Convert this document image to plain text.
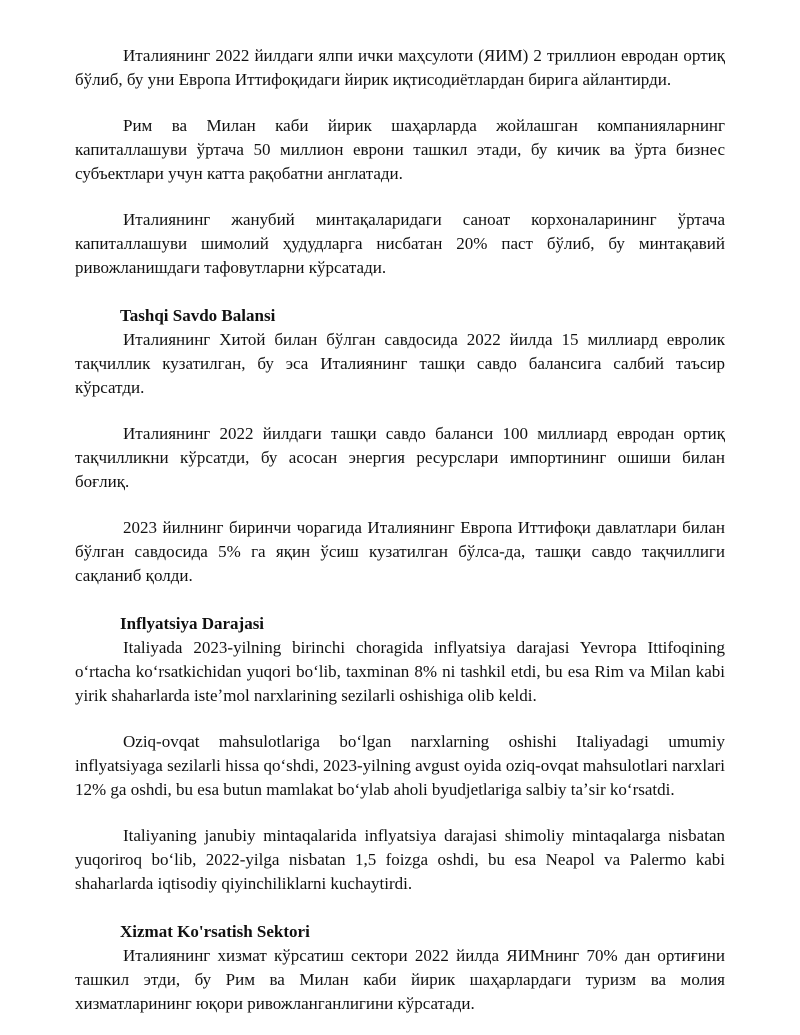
Италиянинг 2022 йилдаги ялпи ички маҳсулоти (ЯИМ) 2 триллион евродан ортиқ бўлиб, бу уни Европа Иттифоқидаги йирик иқтисодиётлардан бирига айлантирди.

Рим ва Милан каби йирик шаҳарларда жойлашган компанияларнинг капиталлашуви ўртача 50 миллион еврони ташкил этади, бу кичик ва ўрта бизнес субъектлари учун катта рақобатни англатади.

Италиянинг жанубий минтақаларидаги саноат корхоналарининг ўртача капиталлашуви шимолий ҳудудларга нисбатан 20% паст бўлиб, бу минтақавий ривожланишдаги тафовутларни кўрсатади.

Tashqi Savdo Balansi

Италиянинг Хитой билан бўлган савдосида 2022 йилда 15 миллиард евролик тақчиллик кузатилган, бу эса Италиянинг ташқи савдо балансига салбий таъсир кўрсатди.

Италиянинг 2022 йилдаги ташқи савдо баланси 100 миллиард евродан ортиқ тақчилликни кўрсатди, бу асосан энергия ресурслари импортининг ошиши билан боғлиқ.

2023 йилнинг биринчи чорагида Италиянинг Европа Иттифоқи давлатлари билан бўлган савдосида 5% га яқин ўсиш кузатилган бўлса-да, ташқи савдо тақчиллиги сақланиб қолди.

Inflyatsiya Darajasi

Italiyada 2023-yilning birinchi choragida inflyatsiya darajasi Yevropa Ittifoqining oʻrtacha koʻrsatkichidan yuqori boʻlib, taxminan 8% ni tashkil etdi, bu esa Rim va Milan kabi yirik shaharlarda isteʼmol narxlarining sezilarli oshishiga olib keldi.

Oziq-ovqat mahsulotlariga boʻlgan narxlarning oshishi Italiyadagi umumiy inflyatsiyaga sezilarli hissa qoʻshdi, 2023-yilning avgust oyida oziq-ovqat mahsulotlari narxlari 12% ga oshdi, bu esa butun mamlakat boʻylab aholi byudjetlariga salbiy taʼsir koʻrsatdi.

Italiyaning janubiy mintaqalarida inflyatsiya darajasi shimoliy mintaqalarga nisbatan yuqoriroq boʻlib, 2022-yilga nisbatan 1,5 foizga oshdi, bu esa Neapol va Palermo kabi shaharlarda iqtisodiy qiyinchiliklarni kuchaytirdi.

Xizmat Ko'rsatish Sektori

Италиянинг хизмат кўрсатиш сектори 2022 йилда ЯИМнинг 70% дан ортиғини ташкил этди, бу Рим ва Милан каби йирик шаҳарлардаги туризм ва молия хизматларининг юқори ривожланганлигини кўрсатади.
